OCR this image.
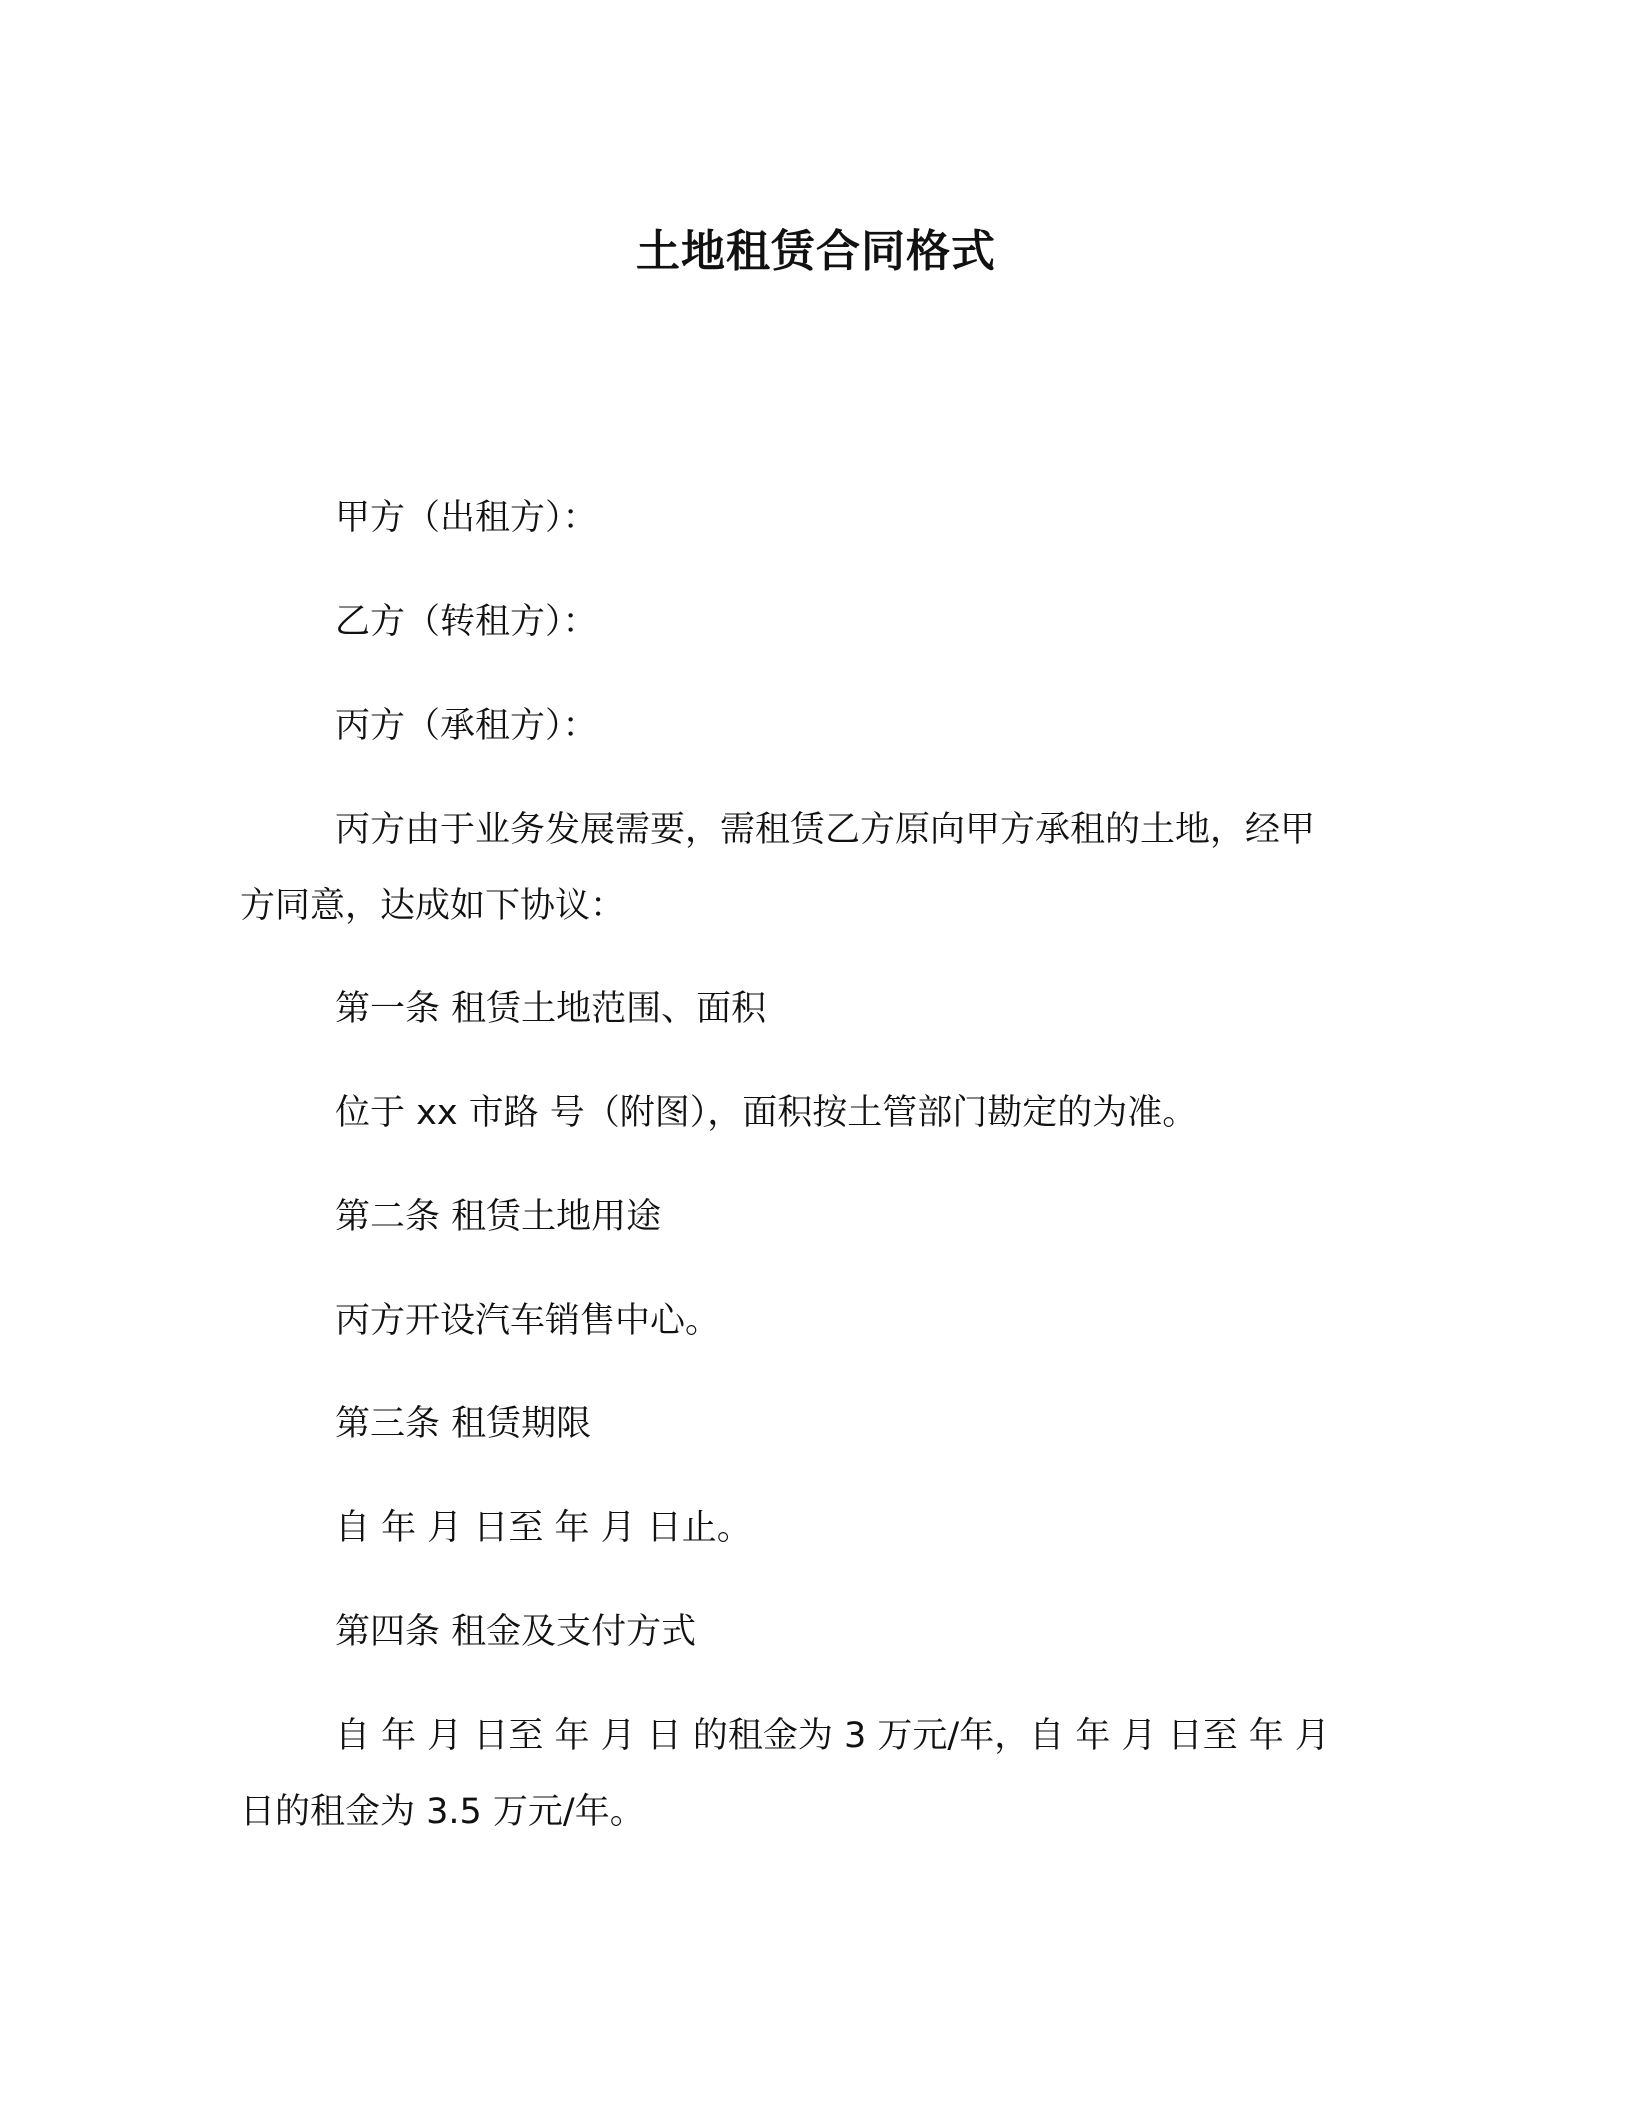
土地租赁合同格式
甲方（出租方）：
乙方（转租方）：
丙方（承租方）：
丙方由于业务发展需要，需租赁乙方原向甲方承租的土地，经甲
方同意，达成如下协议：
第一条 租赁土地范围、面积
位于 xx 市路 号（附图），面积按土管部门勘定的为准。
第二条 租赁土地用途
丙方开设汽车销售中心。
第三条 租赁期限
自 年 月 日至 年 月 日止。
第四条 租金及支付方式
自 年 月 日至 年 月 日 的租金为 3 万元/年，自 年 月 日至 年 月
日的租金为 3.5 万元/年。
